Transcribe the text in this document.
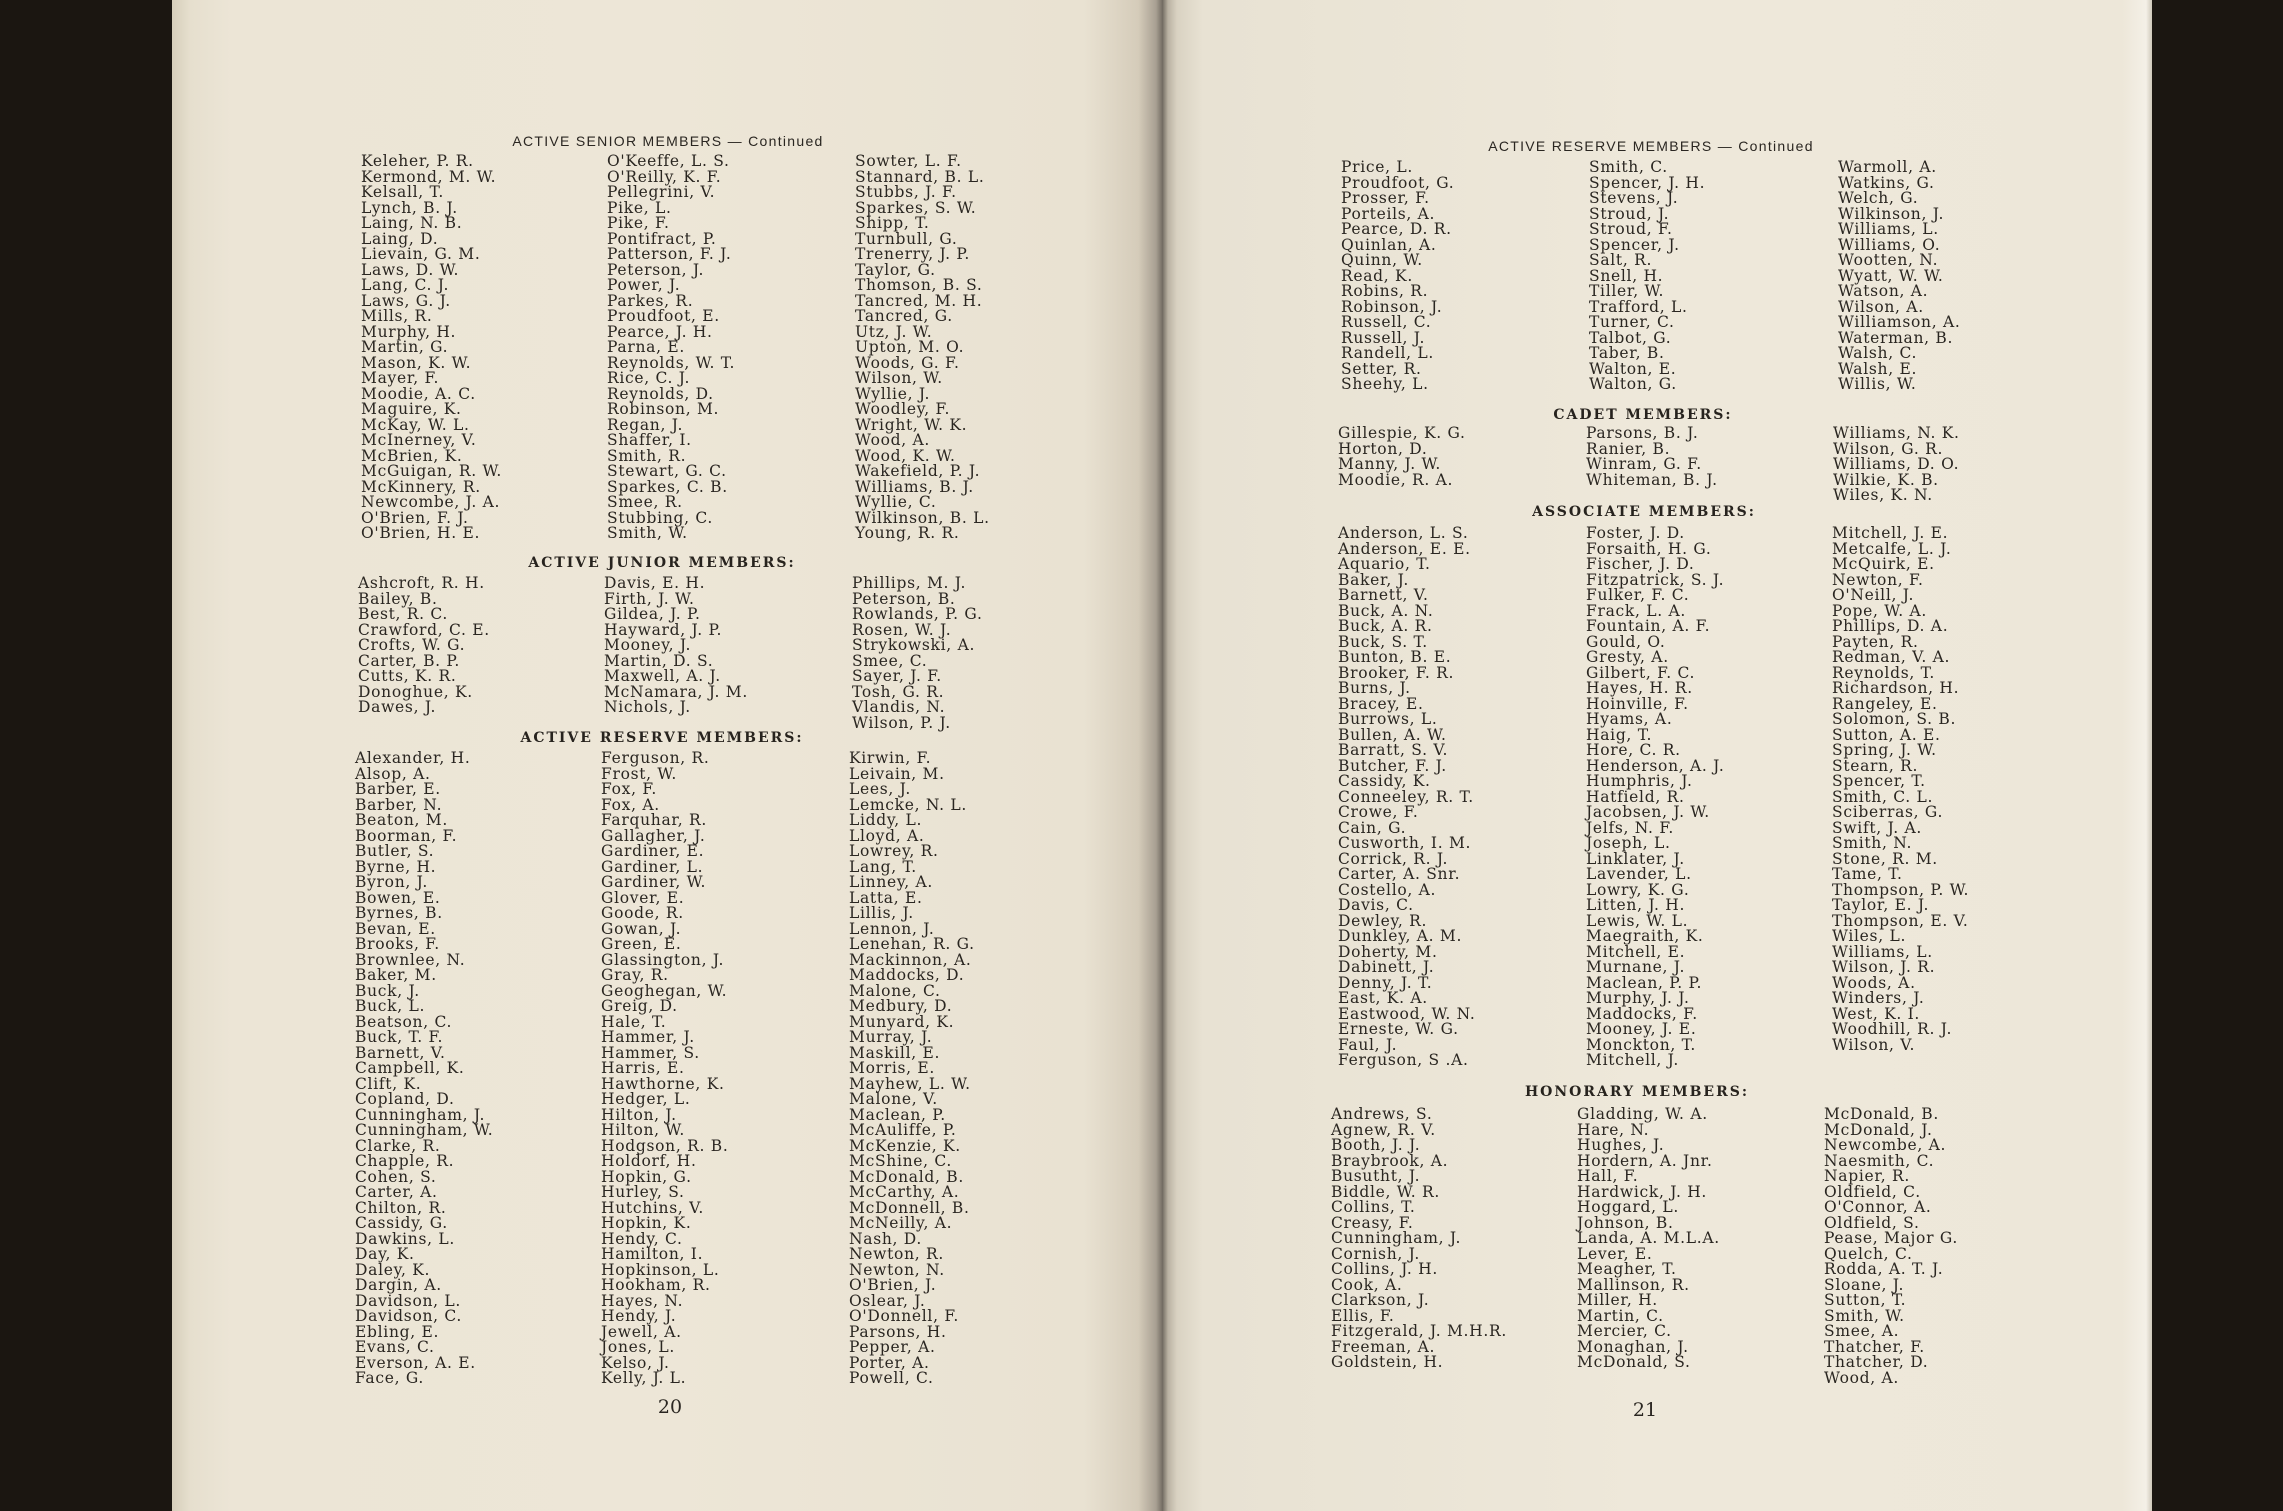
ACTIVE SENIOR MEMBERS — Continued
Keleher, P. R.
Kermond, M. W.
Kelsall, T.
Lynch, B. J.
Laing, N. B.
Laing, D.
Lievain, G. M.
Laws, D. W.
Lang, C. J.
Laws, G. J.
Mills, R.
Murphy, H.
Martin, G.
Mason, K. W.
Mayer, F.
Moodie, A. C.
Maguire, K.
McKay, W. L.
McInerney, V.
McBrien, K.
McGuigan, R. W.
McKinnery, R.
Newcombe, J. A.
O'Brien, F. J.
O'Brien, H. E.
O'Keeffe, L. S.
O'Reilly, K. F.
Pellegrini, V.
Pike, L.
Pike, F.
Pontifract, P.
Patterson, F. J.
Peterson, J.
Power, J.
Parkes, R.
Proudfoot, E.
Pearce, J. H.
Parna, E.
Reynolds, W. T.
Rice, C. J.
Reynolds, D.
Robinson, M.
Regan, J.
Shaffer, I.
Smith, R.
Stewart, G. C.
Sparkes, C. B.
Smee, R.
Stubbing, C.
Smith, W.
Sowter, L. F.
Stannard, B. L.
Stubbs, J. F.
Sparkes, S. W.
Shipp, T.
Turnbull, G.
Trenerry, J. P.
Taylor, G.
Thomson, B. S.
Tancred, M. H.
Tancred, G.
Utz, J. W.
Upton, M. O.
Woods, G. F.
Wilson, W.
Wyllie, J.
Woodley, F.
Wright, W. K.
Wood, A.
Wood, K. W.
Wakefield, P. J.
Williams, B. J.
Wyllie, C.
Wilkinson, B. L.
Young, R. R.
ACTIVE JUNIOR MEMBERS:
Ashcroft, R. H.
Bailey, B.
Best, R. C.
Crawford, C. E.
Crofts, W. G.
Carter, B. P.
Cutts, K. R.
Donoghue, K.
Dawes, J.
Davis, E. H.
Firth, J. W.
Gildea, J. P.
Hayward, J. P.
Mooney, J.
Martin, D. S.
Maxwell, A. J.
McNamara, J. M.
Nichols, J.
Phillips, M. J.
Peterson, B.
Rowlands, P. G.
Rosen, W. J.
Strykowski, A.
Smee, C.
Sayer, J. F.
Tosh, G. R.
Vlandis, N.
Wilson, P. J.
ACTIVE RESERVE MEMBERS:
Alexander, H.
Alsop, A.
Barber, E.
Barber, N.
Beaton, M.
Boorman, F.
Butler, S.
Byrne, H.
Byron, J.
Bowen, E.
Byrnes, B.
Bevan, E.
Brooks, F.
Brownlee, N.
Baker, M.
Buck, J.
Buck, L.
Beatson, C.
Buck, T. F.
Barnett, V.
Campbell, K.
Clift, K.
Copland, D.
Cunningham, J.
Cunningham, W.
Clarke, R.
Chapple, R.
Cohen, S.
Carter, A.
Chilton, R.
Cassidy, G.
Dawkins, L.
Day, K.
Daley, K.
Dargin, A.
Davidson, L.
Davidson, C.
Ebling, E.
Evans, C.
Everson, A. E.
Face, G.
Ferguson, R.
Frost, W.
Fox, F.
Fox, A.
Farquhar, R.
Gallagher, J.
Gardiner, E.
Gardiner, L.
Gardiner, W.
Glover, E.
Goode, R.
Gowan, J.
Green, E.
Glassington, J.
Gray, R.
Geoghegan, W.
Greig, D.
Hale, T.
Hammer, J.
Hammer, S.
Harris, E.
Hawthorne, K.
Hedger, L.
Hilton, J.
Hilton, W.
Hodgson, R. B.
Holdorf, H.
Hopkin, G.
Hurley, S.
Hutchins, V.
Hopkin, K.
Hendy, C.
Hamilton, I.
Hopkinson, L.
Hookham, R.
Hayes, N.
Hendy, J.
Jewell, A.
Jones, L.
Kelso, J.
Kelly, J. L.
Kirwin, F.
Leivain, M.
Lees, J.
Lemcke, N. L.
Liddy, L.
Lloyd, A.
Lowrey, R.
Lang, T.
Linney, A.
Latta, E.
Lillis, J.
Lennon, J.
Lenehan, R. G.
Mackinnon, A.
Maddocks, D.
Malone, C.
Medbury, D.
Munyard, K.
Murray, J.
Maskill, E.
Morris, E.
Mayhew, L. W.
Malone, V.
Maclean, P.
McAuliffe, P.
McKenzie, K.
McShine, C.
McDonald, B.
McCarthy, A.
McDonnell, B.
McNeilly, A.
Nash, D.
Newton, R.
Newton, N.
O'Brien, J.
Oslear, J.
O'Donnell, F.
Parsons, H.
Pepper, A.
Porter, A.
Powell, C.
20
ACTIVE RESERVE MEMBERS — Continued
Price, L.
Proudfoot, G.
Prosser, F.
Porteils, A.
Pearce, D. R.
Quinlan, A.
Quinn, W.
Read, K.
Robins, R.
Robinson, J.
Russell, C.
Russell, J.
Randell, L.
Setter, R.
Sheehy, L.
Smith, C.
Spencer, J. H.
Stevens, J.
Stroud, J.
Stroud, F.
Spencer, J.
Salt, R.
Snell, H.
Tiller, W.
Trafford, L.
Turner, C.
Talbot, G.
Taber, B.
Walton, E.
Walton, G.
Warmoll, A.
Watkins, G.
Welch, G.
Wilkinson, J.
Williams, L.
Williams, O.
Wootten, N.
Wyatt, W. W.
Watson, A.
Wilson, A.
Williamson, A.
Waterman, B.
Walsh, C.
Walsh, E.
Willis, W.
CADET MEMBERS:
Gillespie, K. G.
Horton, D.
Manny, J. W.
Moodie, R. A.
Parsons, B. J.
Ranier, B.
Winram, G. F.
Whiteman, B. J.
Williams, N. K.
Wilson, G. R.
Williams, D. O.
Wilkie, K. B.
Wiles, K. N.
ASSOCIATE MEMBERS:
Anderson, L. S.
Anderson, E. E.
Aquario, T.
Baker, J.
Barnett, V.
Buck, A. N.
Buck, A. R.
Buck, S. T.
Bunton, B. E.
Brooker, F. R.
Burns, J.
Bracey, E.
Burrows, L.
Bullen, A. W.
Barratt, S. V.
Butcher, F. J.
Cassidy, K.
Conneeley, R. T.
Crowe, F.
Cain, G.
Cusworth, I. M.
Corrick, R. J.
Carter, A. Snr.
Costello, A.
Davis, C.
Dewley, R.
Dunkley, A. M.
Doherty, M.
Dabinett, J.
Denny, J. T.
East, K. A.
Eastwood, W. N.
Erneste, W. G.
Faul, J.
Ferguson, S .A.
Foster, J. D.
Forsaith, H. G.
Fischer, J. D.
Fitzpatrick, S. J.
Fulker, F. C.
Frack, L. A.
Fountain, A. F.
Gould, O.
Gresty, A.
Gilbert, F. C.
Hayes, H. R.
Hoinville, F.
Hyams, A.
Haig, T.
Hore, C. R.
Henderson, A. J.
Humphris, J.
Hatfield, R.
Jacobsen, J. W.
Jelfs, N. F.
Joseph, L.
Linklater, J.
Lavender, L.
Lowry, K. G.
Litten, J. H.
Lewis, W. L.
Maegraith, K.
Mitchell, E.
Murnane, J.
Maclean, P. P.
Murphy, J. J.
Maddocks, F.
Mooney, J. E.
Monckton, T.
Mitchell, J.
Mitchell, J. E.
Metcalfe, L. J.
McQuirk, E.
Newton, F.
O'Neill, J.
Pope, W. A.
Phillips, D. A.
Payten, R.
Redman, V. A.
Reynolds, T.
Richardson, H.
Rangeley, E.
Solomon, S. B.
Sutton, A. E.
Spring, J. W.
Stearn, R.
Spencer, T.
Smith, C. L.
Sciberras, G.
Swift, J. A.
Smith, N.
Stone, R. M.
Tame, T.
Thompson, P. W.
Taylor, E. J.
Thompson, E. V.
Wiles, L.
Williams, L.
Wilson, J. R.
Woods, A.
Winders, J.
West, K. I.
Woodhill, R. J.
Wilson, V.
HONORARY MEMBERS:
Andrews, S.
Agnew, R. V.
Booth, J. J.
Braybrook, A.
Busutht, J.
Biddle, W. R.
Collins, T.
Creasy, F.
Cunningham, J.
Cornish, J.
Collins, J. H.
Cook, A.
Clarkson, J.
Ellis, F.
Fitzgerald, J. M.H.R.
Freeman, A.
Goldstein, H.
Gladding, W. A.
Hare, N.
Hughes, J.
Hordern, A. Jnr.
Hall, F.
Hardwick, J. H.
Hoggard, L.
Johnson, B.
Landa, A. M.L.A.
Lever, E.
Meagher, T.
Mallinson, R.
Miller, H.
Martin, C.
Mercier, C.
Monaghan, J.
McDonald, S.
McDonald, B.
McDonald, J.
Newcombe, A.
Naesmith, C.
Napier, R.
Oldfield, C.
O'Connor, A.
Oldfield, S.
Pease, Major G.
Quelch, C.
Rodda, A. T. J.
Sloane, J.
Sutton, T.
Smith, W.
Smee, A.
Thatcher, F.
Thatcher, D.
Wood, A.
21
